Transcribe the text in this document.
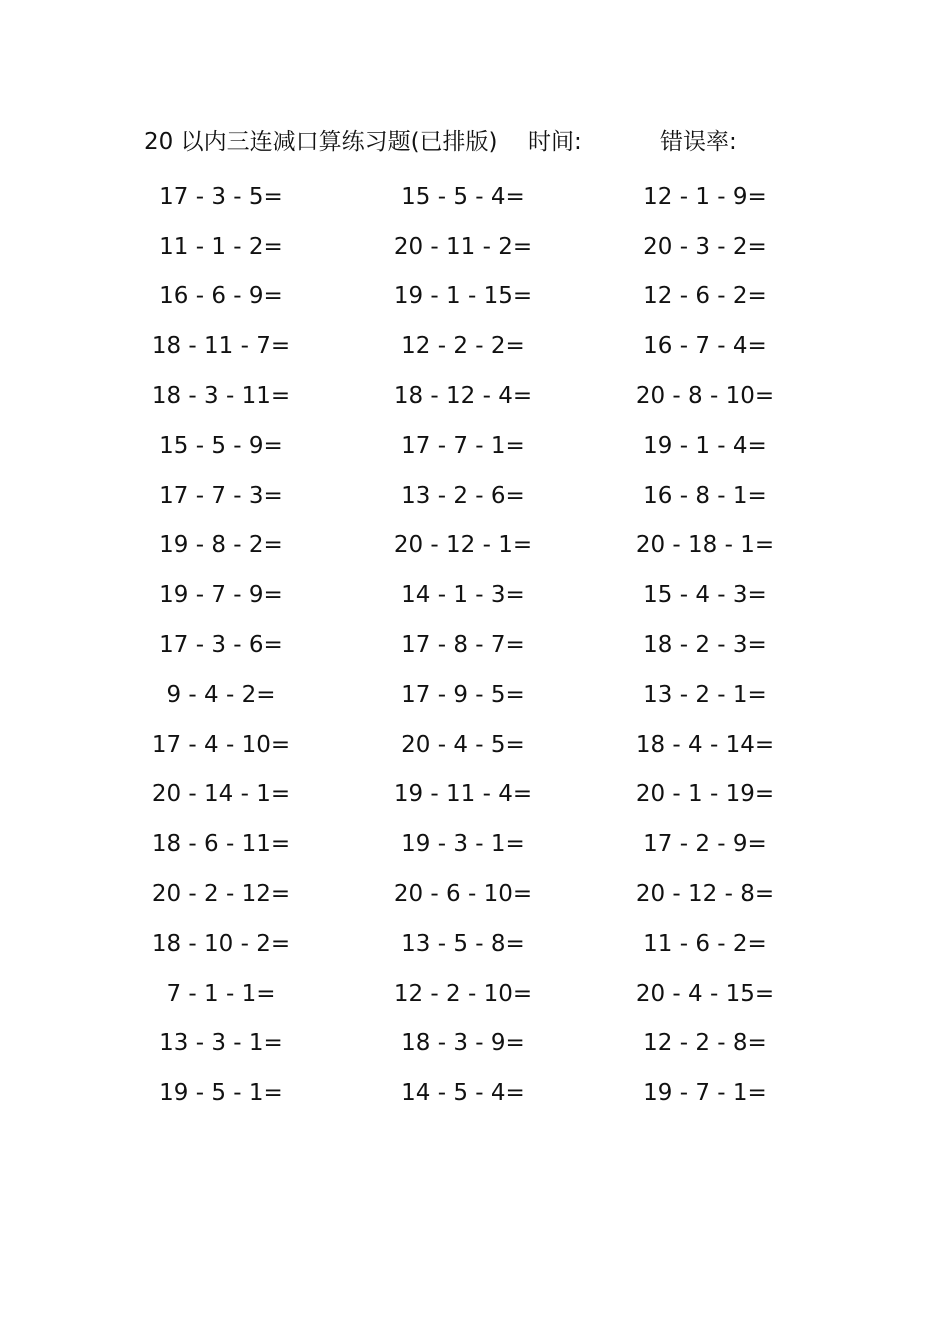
20 以内三连减口算练习题(已排版) 时间:	错误率:
17 - 3 - 5=	15 - 5 - 4=	12 - 1 - 9=
11 - 1 - 2=	20 - 11 - 2=	20 - 3 - 2=
16 - 6 - 9=	19 - 1 - 15=	12 - 6 - 2=
18 - 11 - 7=	12 - 2 - 2=	16 - 7 - 4=
18 - 3 - 11=	18 - 12 - 4=	20 - 8 - 10=
15 - 5 - 9=	17 - 7 - 1=	19 - 1 - 4=
17 - 7 - 3=	13 - 2 - 6=	16 - 8 - 1=
19 - 8 - 2=	20 - 12 - 1=	20 - 18 - 1=
19 - 7 - 9=	14 - 1 - 3=	15 - 4 - 3=
17 - 3 - 6=	17 - 8 - 7=	18 - 2 - 3=
9 - 4 - 2=	17 - 9 - 5=	13 - 2 - 1=
17 - 4 - 10=	20 - 4 - 5=	18 - 4 - 14=
20 - 14 - 1=	19 - 11 - 4=	20 - 1 - 19=
18 - 6 - 11=	19 - 3 - 1=	17 - 2 - 9=
20 - 2 - 12=	20 - 6 - 10=	20 - 12 - 8=
18 - 10 - 2=	13 - 5 - 8=	11 - 6 - 2=
7 - 1 - 1=	12 - 2 - 10=	20 - 4 - 15=
13 - 3 - 1=	18 - 3 - 9=	12 - 2 - 8=
19 - 5 - 1=	14 - 5 - 4=	19 - 7 - 1=
